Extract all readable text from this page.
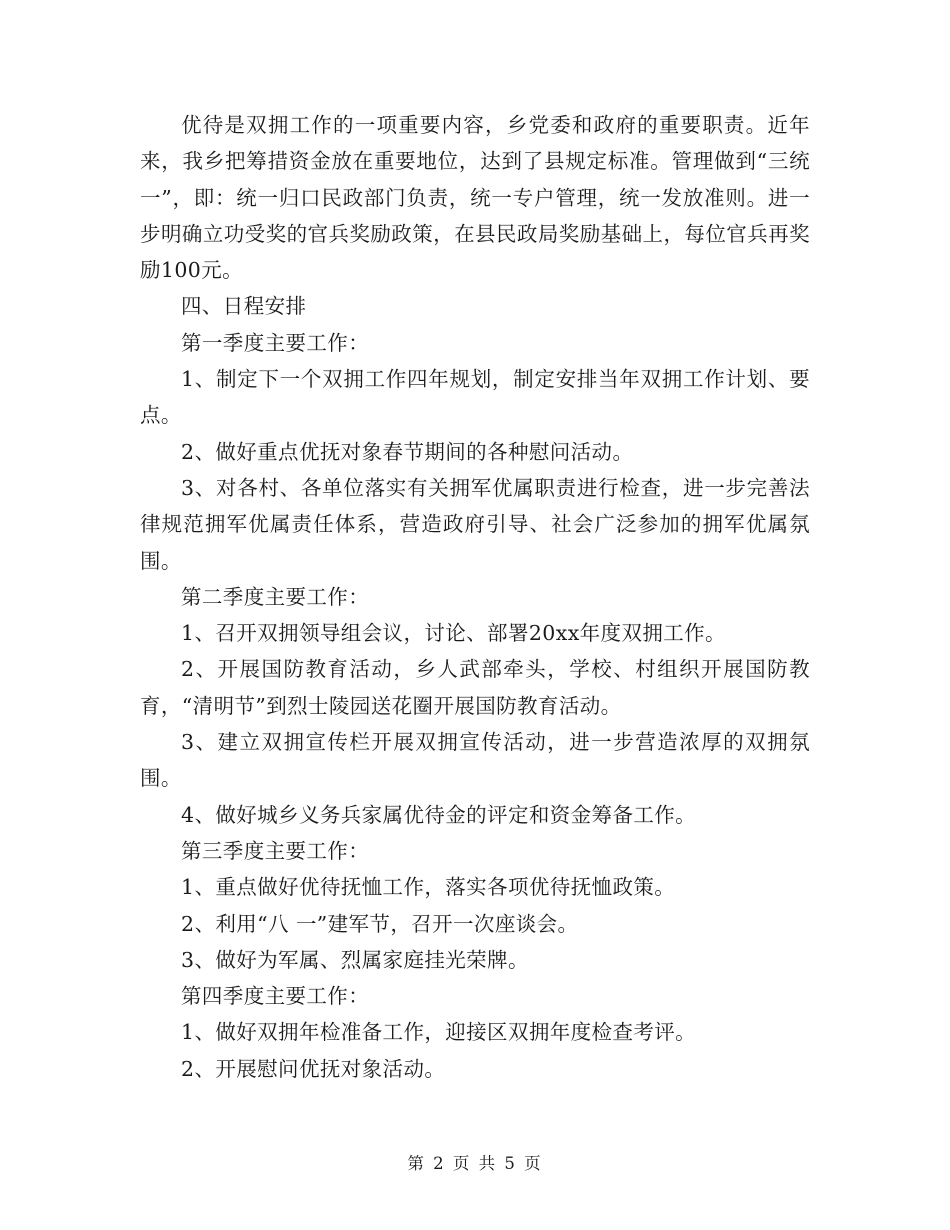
优待是双拥工作的一项重要内容，乡党委和政府的重要职责。近年来，我乡把筹措资金放在重要地位，达到了县规定标准。管理做到“三统一”，即：统一归口民政部门负责，统一专户管理，统一发放准则。进一步明确立功受奖的官兵奖励政策，在县民政局奖励基础上，每位官兵再奖励100元。

四、日程安排

第一季度主要工作：

1、制定下一个双拥工作四年规划，制定安排当年双拥工作计划、要点。

2、做好重点优抚对象春节期间的各种慰问活动。

3、对各村、各单位落实有关拥军优属职责进行检查，进一步完善法律规范拥军优属责任体系，营造政府引导、社会广泛参加的拥军优属氛围。

第二季度主要工作：

1、召开双拥领导组会议，讨论、部署20xx年度双拥工作。

2、开展国防教育活动，乡人武部牵头，学校、村组织开展国防教育，“清明节”到烈士陵园送花圈开展国防教育活动。

3、建立双拥宣传栏开展双拥宣传活动，进一步营造浓厚的双拥氛围。

4、做好城乡义务兵家属优待金的评定和资金筹备工作。

第三季度主要工作：

1、重点做好优待抚恤工作，落实各项优待抚恤政策。

2、利用“八 一”建军节，召开一次座谈会。

3、做好为军属、烈属家庭挂光荣牌。

第四季度主要工作：

1、做好双拥年检准备工作，迎接区双拥年度检查考评。

2、开展慰问优抚对象活动。

第 2 页 共 5 页
